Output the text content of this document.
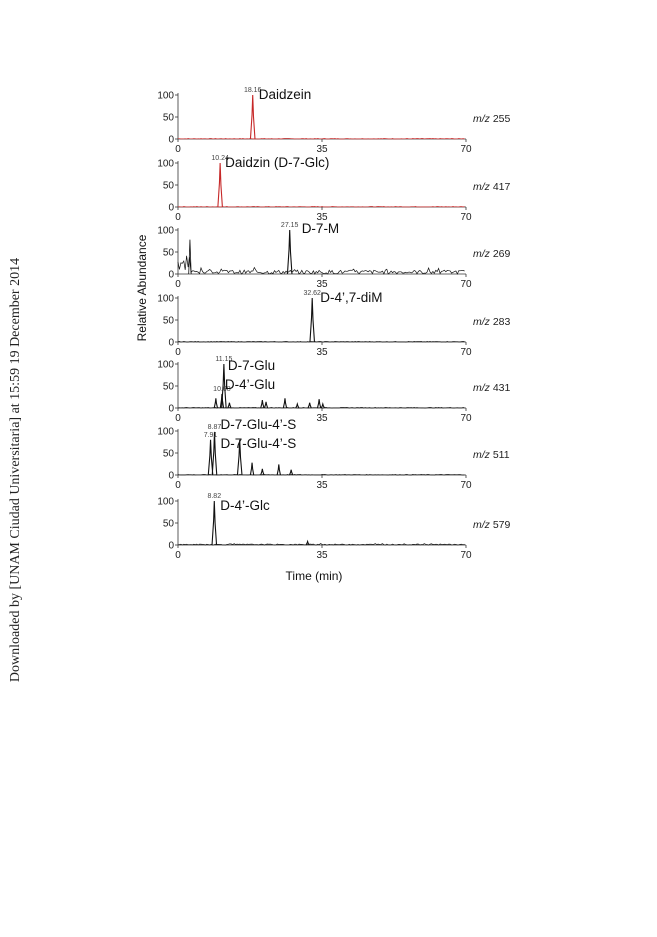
Downloaded by [UNAM Ciudad Universitaria] at 15:59 19 December 2014
0
50
100
0	35	70
18.16
Daidzein
m/z 255
0
50
100
0	35	70
10.24
Daidzin (D-7-Glc)
m/z 417
0
50
100
0	35	70
27.15 D-7-M
m/z 269
0
50
100
0	35	70
32.62 D-4’,7-diM
m/z 283
0
50
100
0	35	70
11.15
10.68
D-7-Glu
D-4’-Glu	m/z 431
0
50
100
0	35	70
8.87
7.91
D-7-Glu-4’-S
D-7-Glu-4’-S
m/z 511
0
50
100
0	35	70
8.82
D-4’-Glc
m/z 579
Time (min)
Relative Abundance
